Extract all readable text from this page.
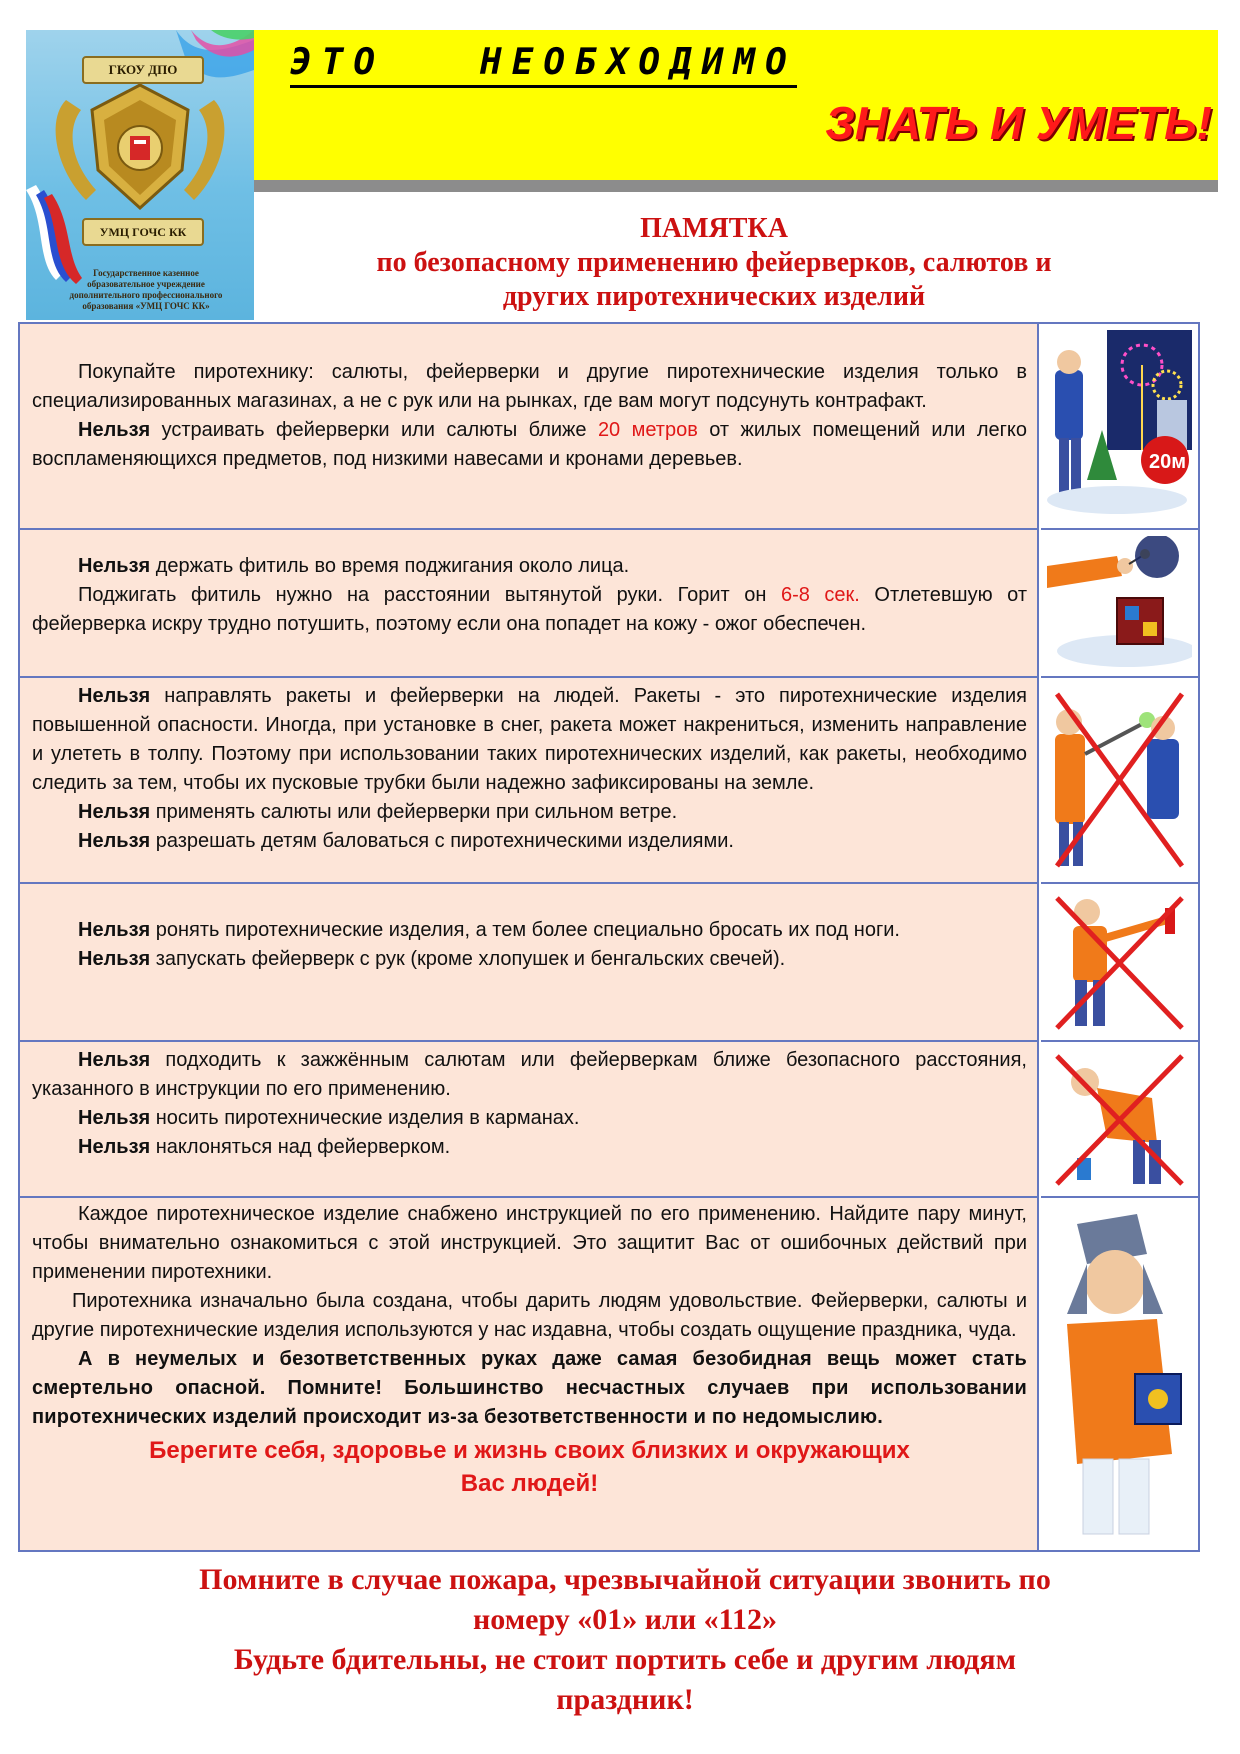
ГКОУ ДПО
УМЦ ГОЧС КК
Государственное казенное образовательное учреждение дополнительного профессионального образования «УМЦ ГОЧС КК»
ЭТО   НЕОБХОДИМО
ЗНАТЬ И УМЕТЬ!
ПАМЯТКА
по безопасному применению фейерверков, салютов и
других пиротехнических изделий

Покупайте пиротехнику: салюты, фейерверки и другие пиротехнические изделия только в специализированных магазинах, а не с рук или на рынках, где вам могут подсунуть контрафакт.

Нельзя устраивать фейерверки или салюты ближе 20 метров от жилых помещений или легко воспламеняющихся предметов, под низкими навесами и кронами деревьев.	20м

Нельзя держать фитиль во время поджигания около лица.

Поджигать фитиль нужно на расстоянии вытянутой руки. Горит он 6-8 сек. Отлетевшую от фейерверка искру трудно потушить, поэтому если она попадет на кожу - ожог обеспечен.

Нельзя направлять ракеты и фейерверки на людей. Ракеты - это пиротехнические изделия повышенной опасности. Иногда, при установке в снег, ракета может накрениться, изменить направление и улететь в толпу. Поэтому при использовании таких пиротехнических изделий, как ракеты, необходимо следить за тем, чтобы их пусковые трубки были надежно зафиксированы на земле.

Нельзя применять салюты или фейерверки при сильном ветре.

Нельзя разрешать детям баловаться с пиротехническими изделиями.

Нельзя ронять пиротехнические изделия, а тем более специально бросать их под ноги.

Нельзя запускать фейерверк с рук (кроме хлопушек и бенгальских свечей).

Нельзя подходить к зажжённым салютам или фейерверкам ближе безопасного расстояния, указанного в инструкции по его применению.

Нельзя носить пиротехнические изделия в карманах.

Нельзя наклоняться над фейерверком.

Каждое пиротехническое изделие снабжено инструкцией по его применению. Найдите пару минут, чтобы внимательно ознакомиться с этой инструкцией. Это защитит Вас от ошибочных действий при применении пиротехники.

Пиротехника изначально была создана, чтобы дарить людям удовольствие. Фейерверки, салюты и другие пиротехнические изделия используются у нас издавна, чтобы создать ощущение праздника, чуда.

А в неумелых и безответственных руках даже самая безобидная вещь может стать смертельно опасной. Помните! Большинство несчастных случаев при использовании пиротехнических изделий происходит из-за безответственности и по недомыслию.

Берегите себя, здоровье и жизнь своих близких и окружающих
Вас людей!

Помните в случае пожара, чрезвычайной ситуации звонить по
номеру «01» или «112»
Будьте бдительны, не стоит портить себе и другим людям
праздник!
